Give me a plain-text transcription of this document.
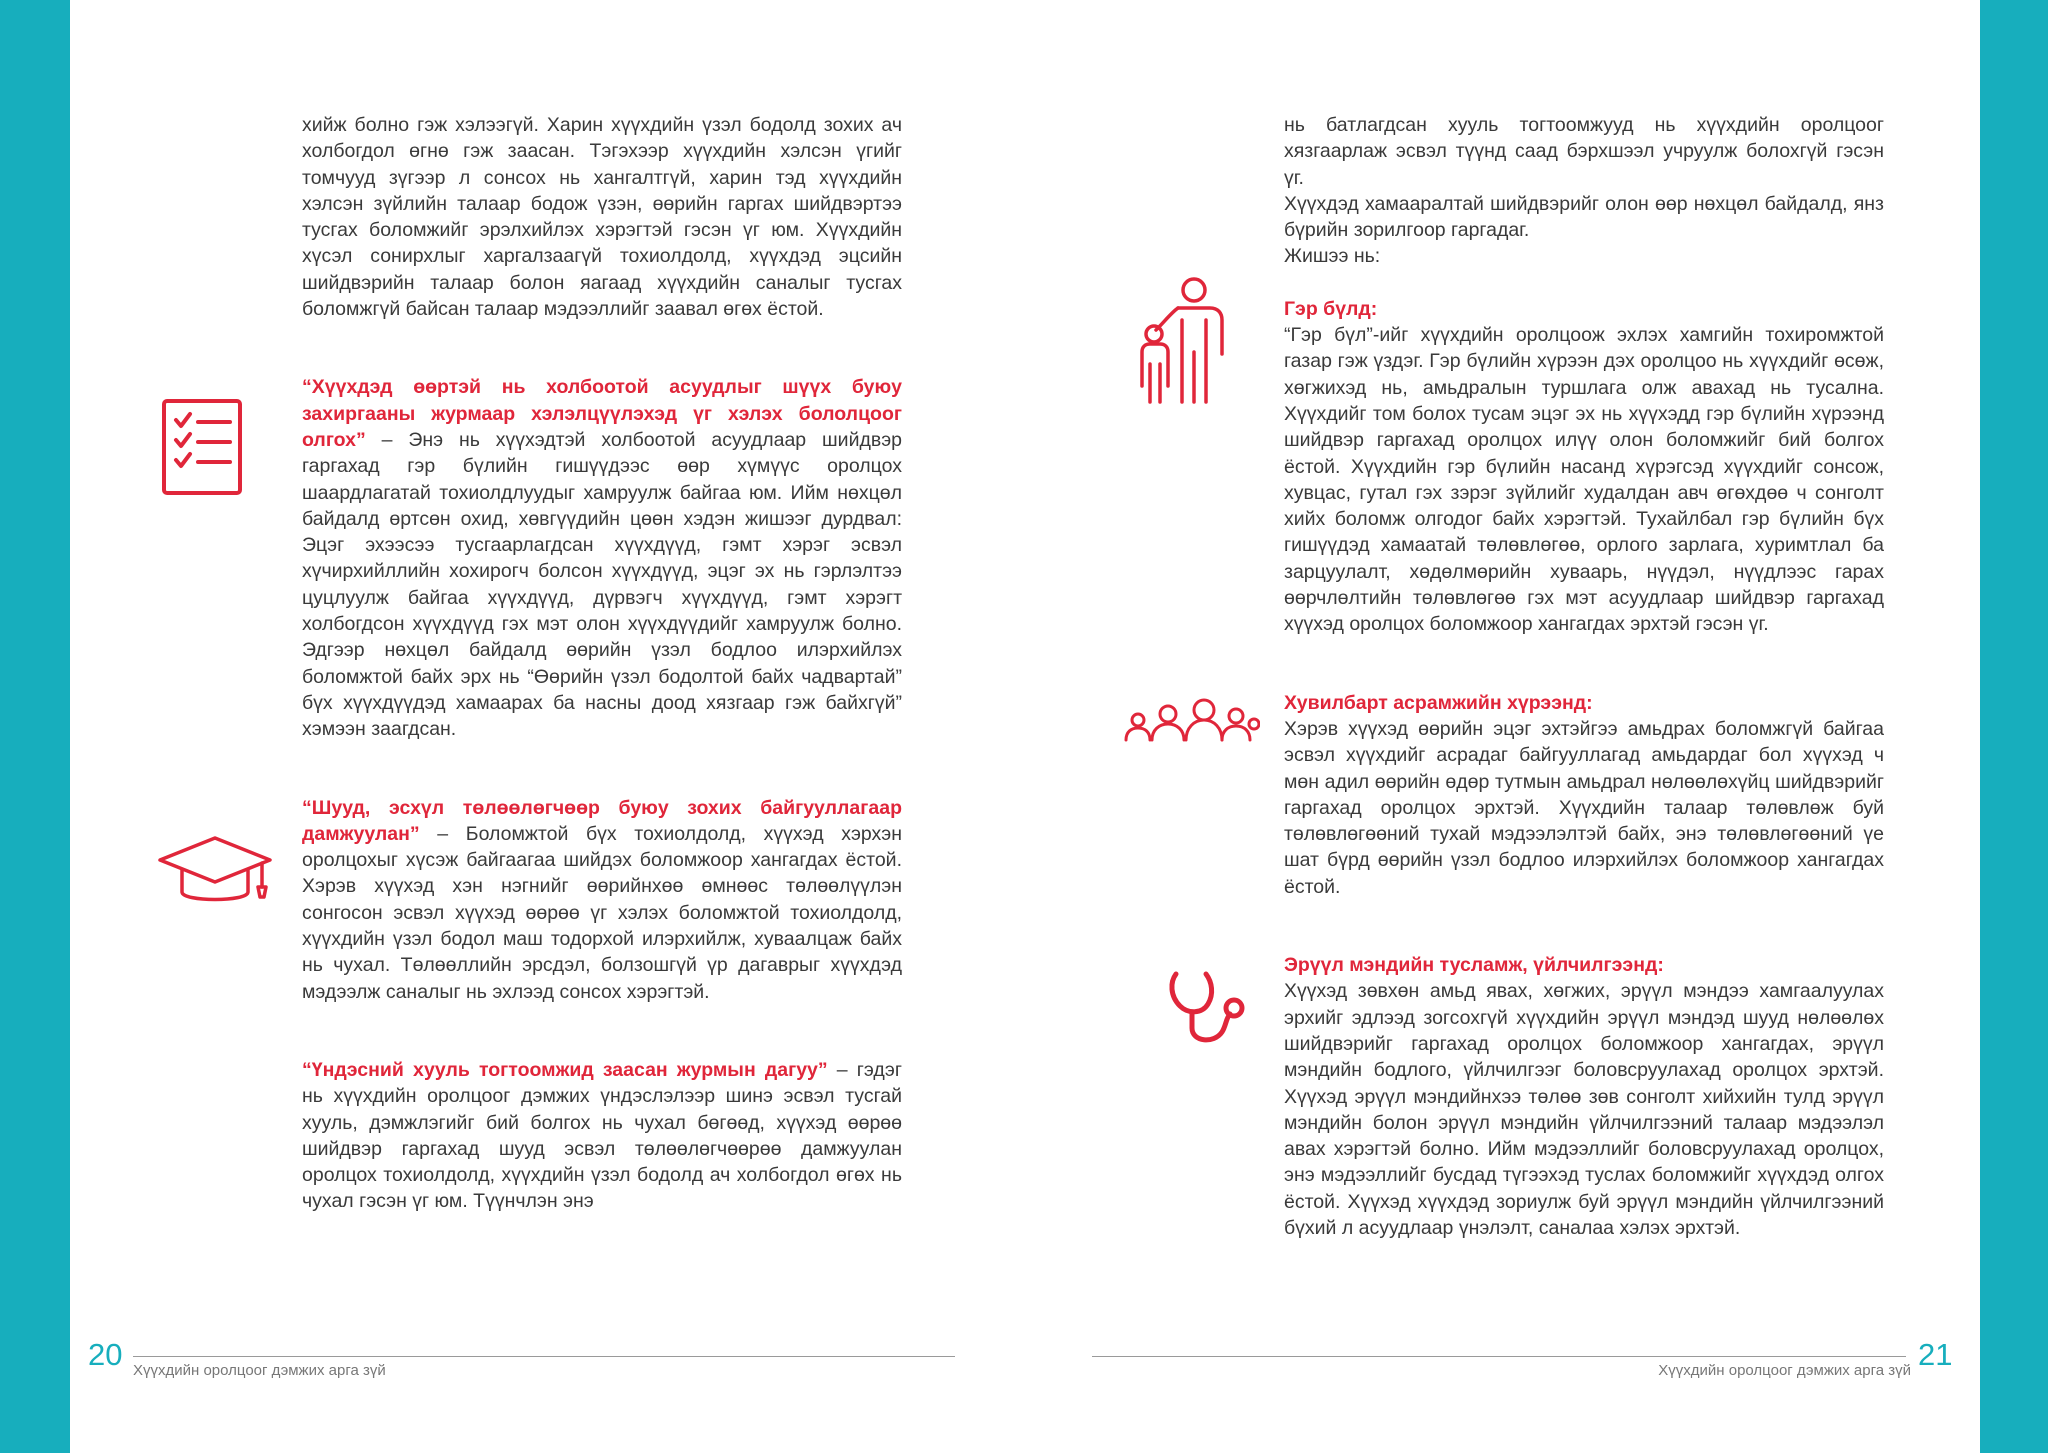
хийж болно гэж хэлээгүй. Харин хүүхдийн үзэл бодолд зохих ач холбогдол өгнө гэж заасан. Тэгэхээр хүүхдийн хэлсэн үгийг томчууд зүгээр л сонсох нь хангалтгүй, харин тэд хүүхдийн хэлсэн зүйлийн талаар бодож үзэн, өөрийн гаргах шийдвэртээ тусгах боломжийг эрэлхийлэх хэрэгтэй гэсэн үг юм. Хүүхдийн хүсэл сонирхлыг харгалзаагүй тохиолдолд, хүүхдэд эцсийн шийдвэрийн талаар болон яагаад хүүхдийн саналыг тусгах боломжгүй байсан талаар мэдээллийг заавал өгөх ёстой.

“Хүүхдэд өөртэй нь холбоотой асуудлыг шүүх буюу захиргааны журмаар хэлэлцүүлэхэд үг хэлэх бололцоог олгох” – Энэ нь хүүхэдтэй холбоотой асуудлаар шийдвэр гаргахад гэр бүлийн гишүүдээс өөр хүмүүс оролцох шаардлагатай тохиолдлуудыг хамруулж байгаа юм. Ийм нөхцөл байдалд өртсөн охид, хөвгүүдийн цөөн хэдэн жишээг дурдвал: Эцэг эхээсээ тусгаарлагдсан хүүхдүүд, гэмт хэрэг эсвэл хүчирхийллийн хохирогч болсон хүүхдүүд, эцэг эх нь гэрлэлтээ цуцлуулж байгаа хүүхдүүд, дүрвэгч хүүхдүүд, гэмт хэрэгт холбогдсон хүүхдүүд гэх мэт олон хүүхдүүдийг хамруулж болно. Эдгээр нөхцөл байдалд өөрийн үзэл бодлоо илэрхийлэх боломжтой байх эрх нь “Өөрийн үзэл бодолтой байх чадвартай” бүх хүүхдүүдэд хамаарах ба насны доод хязгаар гэж байхгүй” хэмээн заагдсан.

“Шууд, эсхүл төлөөлөгчөөр буюу зохих байгууллагаар дамжуулан” – Боломжтой бүх тохиолдолд, хүүхэд хэрхэн оролцохыг хүсэж байгаагаа шийдэх боломжоор хангагдах ёстой. Хэрэв хүүхэд хэн нэгнийг өөрийнхөө өмнөөс төлөөлүүлэн сонгосон эсвэл хүүхэд өөрөө үг хэлэх боломжтой тохиолдолд, хүүхдийн үзэл бодол маш тодорхой илэрхийлж, хуваалцаж байх нь чухал. Төлөөллийн эрсдэл, болзошгүй үр дагаврыг хүүхдэд мэдээлж саналыг нь эхлээд сонсох хэрэгтэй.

“Үндэсний хууль тогтоомжид заасан журмын дагуу” – гэдэг нь хүүхдийн оролцоог дэмжих үндэслэлээр шинэ эсвэл тусгай хууль, дэмжлэгийг бий болгох нь чухал бөгөөд, хүүхэд өөрөө шийдвэр гаргахад шууд эсвэл төлөөлөгчөөрөө дамжуулан оролцох тохиолдолд, хүүхдийн үзэл бодолд ач холбогдол өгөх нь чухал гэсэн үг юм. Түүнчлэн энэ

20 Хүүхдийн оролцоог дэмжих арга зүй

нь батлагдсан хууль тогтоомжууд нь хүүхдийн оролцоог хязгаарлаж эсвэл түүнд саад бэрхшээл учруулж болохгүй гэсэн үг.

Хүүхдэд хамааралтай шийдвэрийг олон өөр нөхцөл байдалд, янз бүрийн зорилгоор гаргадаг.

Жишээ нь:

Гэр бүлд:

“Гэр бүл”-ийг хүүхдийн оролцоож эхлэх хамгийн тохиромжтой газар гэж үздэг. Гэр бүлийн хүрээн дэх оролцоо нь хүүхдийг өсөж, хөгжихэд нь, амьдралын туршлага олж авахад нь тусална. Хүүхдийг том болох тусам эцэг эх нь хүүхэдд гэр бүлийн хүрээнд шийдвэр гаргахад оролцох илүү олон боломжийг бий болгох ёстой. Хүүхдийн гэр бүлийн насанд хүрэгсэд хүүхдийг сонсож, хувцас, гутал гэх зэрэг зүйлийг худалдан авч өгөхдөө ч сонголт хийх боломж олгодог байх хэрэгтэй. Тухайлбал гэр бүлийн бүх гишүүдэд хамаатай төлөвлөгөө, орлого зарлага, хуримтлал ба зарцуулалт, хөдөлмөрийн хуваарь, нүүдэл, нүүдлээс гарах өөрчлөлтийн төлөвлөгөө гэх мэт асуудлаар шийдвэр гаргахад хүүхэд оролцох боломжоор хангагдах эрхтэй гэсэн үг.

Хувилбарт асрамжийн хүрээнд:

Хэрэв хүүхэд өөрийн эцэг эхтэйгээ амьдрах боломжгүй байгаа эсвэл хүүхдийг асрадаг байгууллагад амьдардаг бол хүүхэд ч мөн адил өөрийн өдөр тутмын амьдрал нөлөөлөхүйц шийдвэрийг гаргахад оролцох эрхтэй. Хүүхдийн талаар төлөвлөж буй төлөвлөгөөний тухай мэдээлэлтэй байх, энэ төлөвлөгөөний үе шат бүрд өөрийн үзэл бодлоо илэрхийлэх боломжоор хангагдах ёстой.

Эрүүл мэндийн тусламж, үйлчилгээнд:

Хүүхэд зөвхөн амьд явах, хөгжих, эрүүл мэндээ хамгаалуулах эрхийг эдлээд зогсохгүй хүүхдийн эрүүл мэндэд шууд нөлөөлөх шийдвэрийг гаргахад оролцох боломжоор хангагдах, эрүүл мэндийн бодлого, үйлчилгээг боловсруулахад оролцох эрхтэй. Хүүхэд эрүүл мэндийнхээ төлөө зөв сонголт хийхийн тулд эрүүл мэндийн болон эрүүл мэндийн үйлчилгээний талаар мэдээлэл авах хэрэгтэй болно. Ийм мэдээллийг боловсруулахад оролцох, энэ мэдээллийг бусдад түгээхэд туслах боломжийг хүүхдэд олгох ёстой. Хүүхэд хүүхдэд зориулж буй эрүүл мэндийн үйлчилгээний бүхий л асуудлаар үнэлэлт, саналаа хэлэх эрхтэй.

Хүүхдийн оролцоог дэмжих арга зүй 21
